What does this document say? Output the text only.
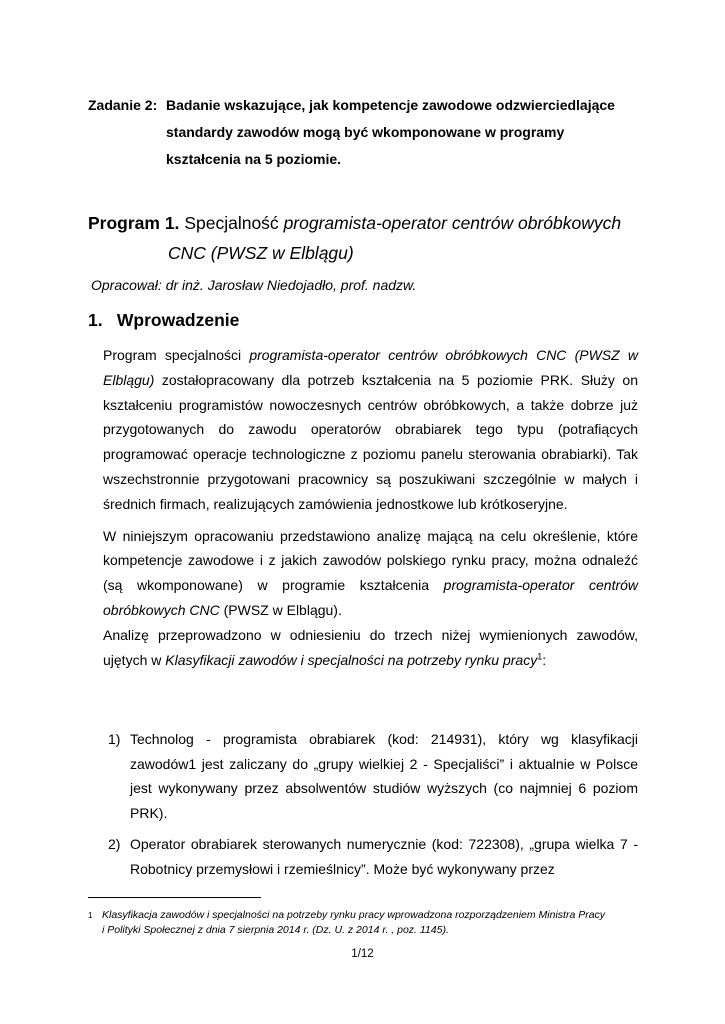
Zadanie 2: Badanie wskazujące, jak kompetencje zawodowe odzwierciedlające
standardy zawodów mogą być wkomponowane w programy
kształcenia na 5 poziomie.
Program 1. Specjalność programista-operator centrów obróbkowych
CNC (PWSZ w Elblągu)
Opracował: dr inż. Jarosław Niedojadło, prof. nadzw.
1. Wprowadzenie

Program specjalności programista-operator centrów obróbkowych CNC (PWSZ w Elblągu) zostałopracowany dla potrzeb kształcenia na 5 poziomie PRK. Służy on kształceniu programistów nowoczesnych centrów obróbkowych, a także dobrze już przygotowanych do zawodu operatorów obrabiarek tego typu (potrafiących programować operacje technologiczne z poziomu panelu sterowania obrabiarki). Tak wszechstronnie przygotowani pracownicy są poszukiwani szczególnie w małych i średnich firmach, realizujących zamówienia jednostkowe lub krótkoseryjne.

W niniejszym opracowaniu przedstawiono analizę mającą na celu określenie, które kompetencje zawodowe i z jakich zawodów polskiego rynku pracy, można odnaleźć (są wkomponowane) w programie kształcenia programista-operator centrów obróbkowych CNC (PWSZ w Elblągu).

Analizę przeprowadzono w odniesieniu do trzech niżej wymienionych zawodów, ujętych w Klasyfikacji zawodów i specjalności na potrzeby rynku pracy$^1$:

1) Technolog - programista obrabiarek (kod: 214931), który wg klasyfikacji zawodów1 jest zaliczany do „grupy wielkiej 2 - Specjaliści” i aktualnie w Polsce jest wykonywany przez absolwentów studiów wyższych (co najmniej 6 poziom PRK).
2) Operator obrabiarek sterowanych numerycznie (kod: 722308), „grupa wielka 7 - Robotnicy przemysłowi i rzemieślnicy”. Może być wykonywany przez
1 Klasyfikacja zawodów i specjalności na potrzeby rynku pracy wprowadzona rozporządzeniem Ministra Pracy
i Polityki Społecznej z dnia 7 sierpnia 2014 r. (Dz. U. z 2014 r. , poz. 1145).
1/12
